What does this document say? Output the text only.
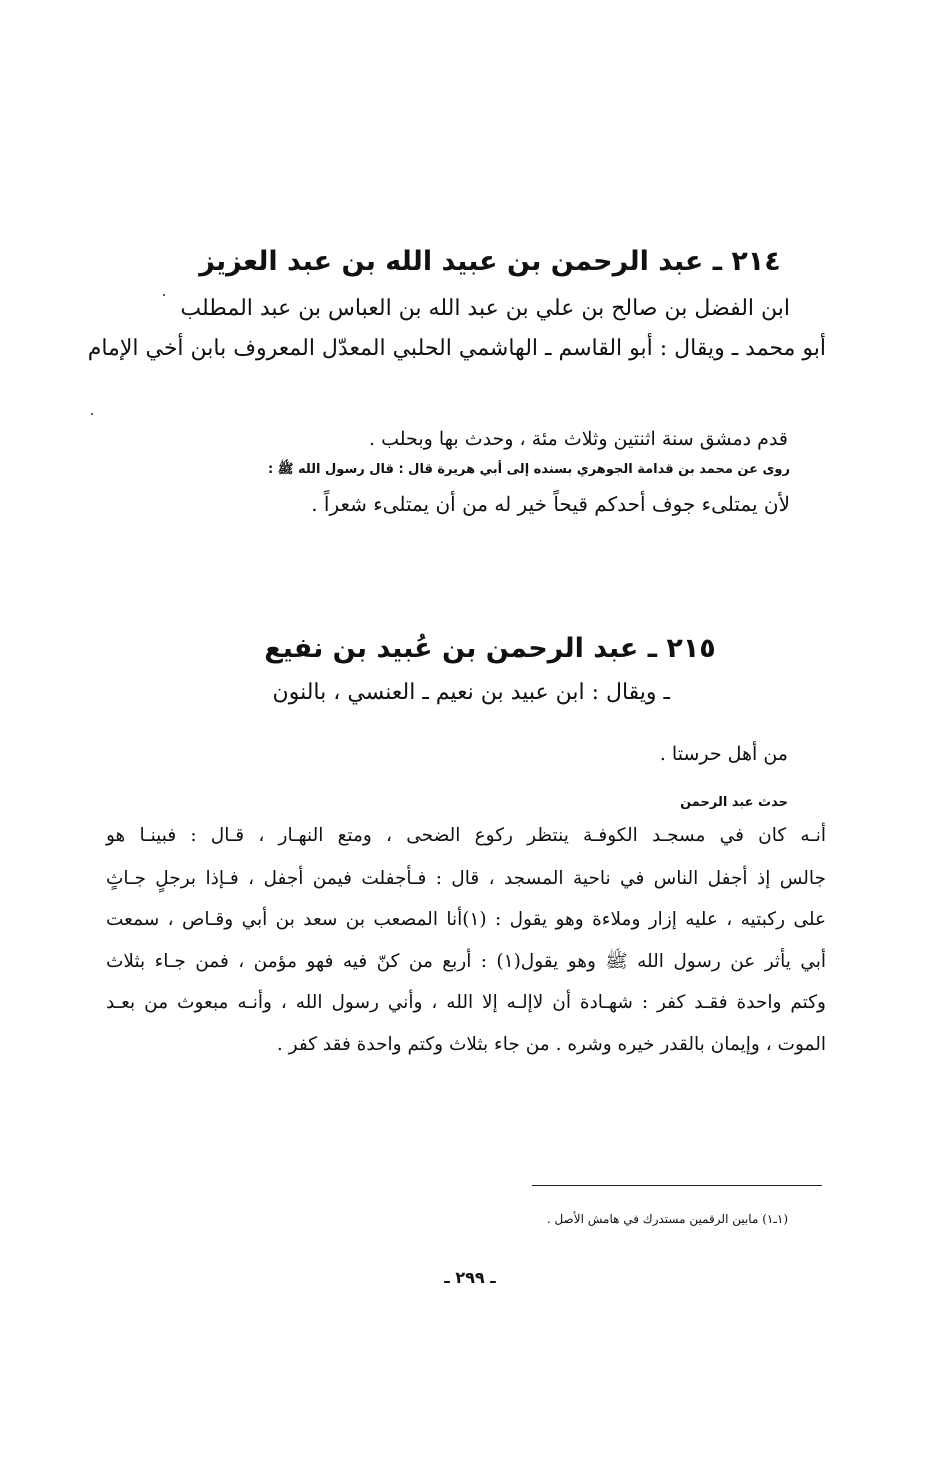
٢١٤ ـ عبد الرحمن بن عبيد الله بن عبد العزيز
ابن الفضل بن صالح بن علي بن عبد الله بن العباس بن عبد المطلب
أبو محمد ـ ويقال : أبو القاسم ـ الهاشمي الحلبي المعدّل المعروف بابن أخي الإمام
قدم دمشق سنة اثنتين وثلاث مئة ، وحدث بها وبحلب .
روى عن محمد بن قدامة الجوهري بسنده إلى أبي هريرة قال : قال رسول الله ﷺ :
لأن يمتلىء جوف أحدكم قيحاً خير له من أن يمتلىء شعراً .
٢١٥ ـ عبد الرحمن بن عُبيد بن نفيع
ـ ويقال : ابن عبيد بن نعيم ـ العنسي ، بالنون
من أهل حرستا .
حدث عبد الرحمن
أنـه كان في مسجـد الكوفـة ينتظر ركوع الضحى ، ومتع النهـار ، قـال : فبينـا هو
جالس إذ أجفل الناس في ناحية المسجد ، قال : فـأجفلت فيمن أجفل ، فـإذا برجلٍ جـاثٍ
على ركبتيه ، عليه إزار وملاءة وهو يقول : (١)أنا المصعب بن سعد بن أبي وقـاص ، سمعت
أبي يأثر عن رسول الله ﷺ وهو يقول(١) : أربع من كنّ فيه فهو مؤمن ، فمن جـاء بثلاث
وكتم واحدة فقـد كفر : شهـادة أن لاإلـه إلا الله ، وأني رسول الله ، وأنـه مبعوث من بعـد
الموت ، وإيمان بالقدر خيره وشره . من جاء بثلاث وكتم واحدة فقد كفر .
(١ـ١) مابين الرقمين مستدرك في هامش الأصل .
ـ ٢٩٩ ـ
